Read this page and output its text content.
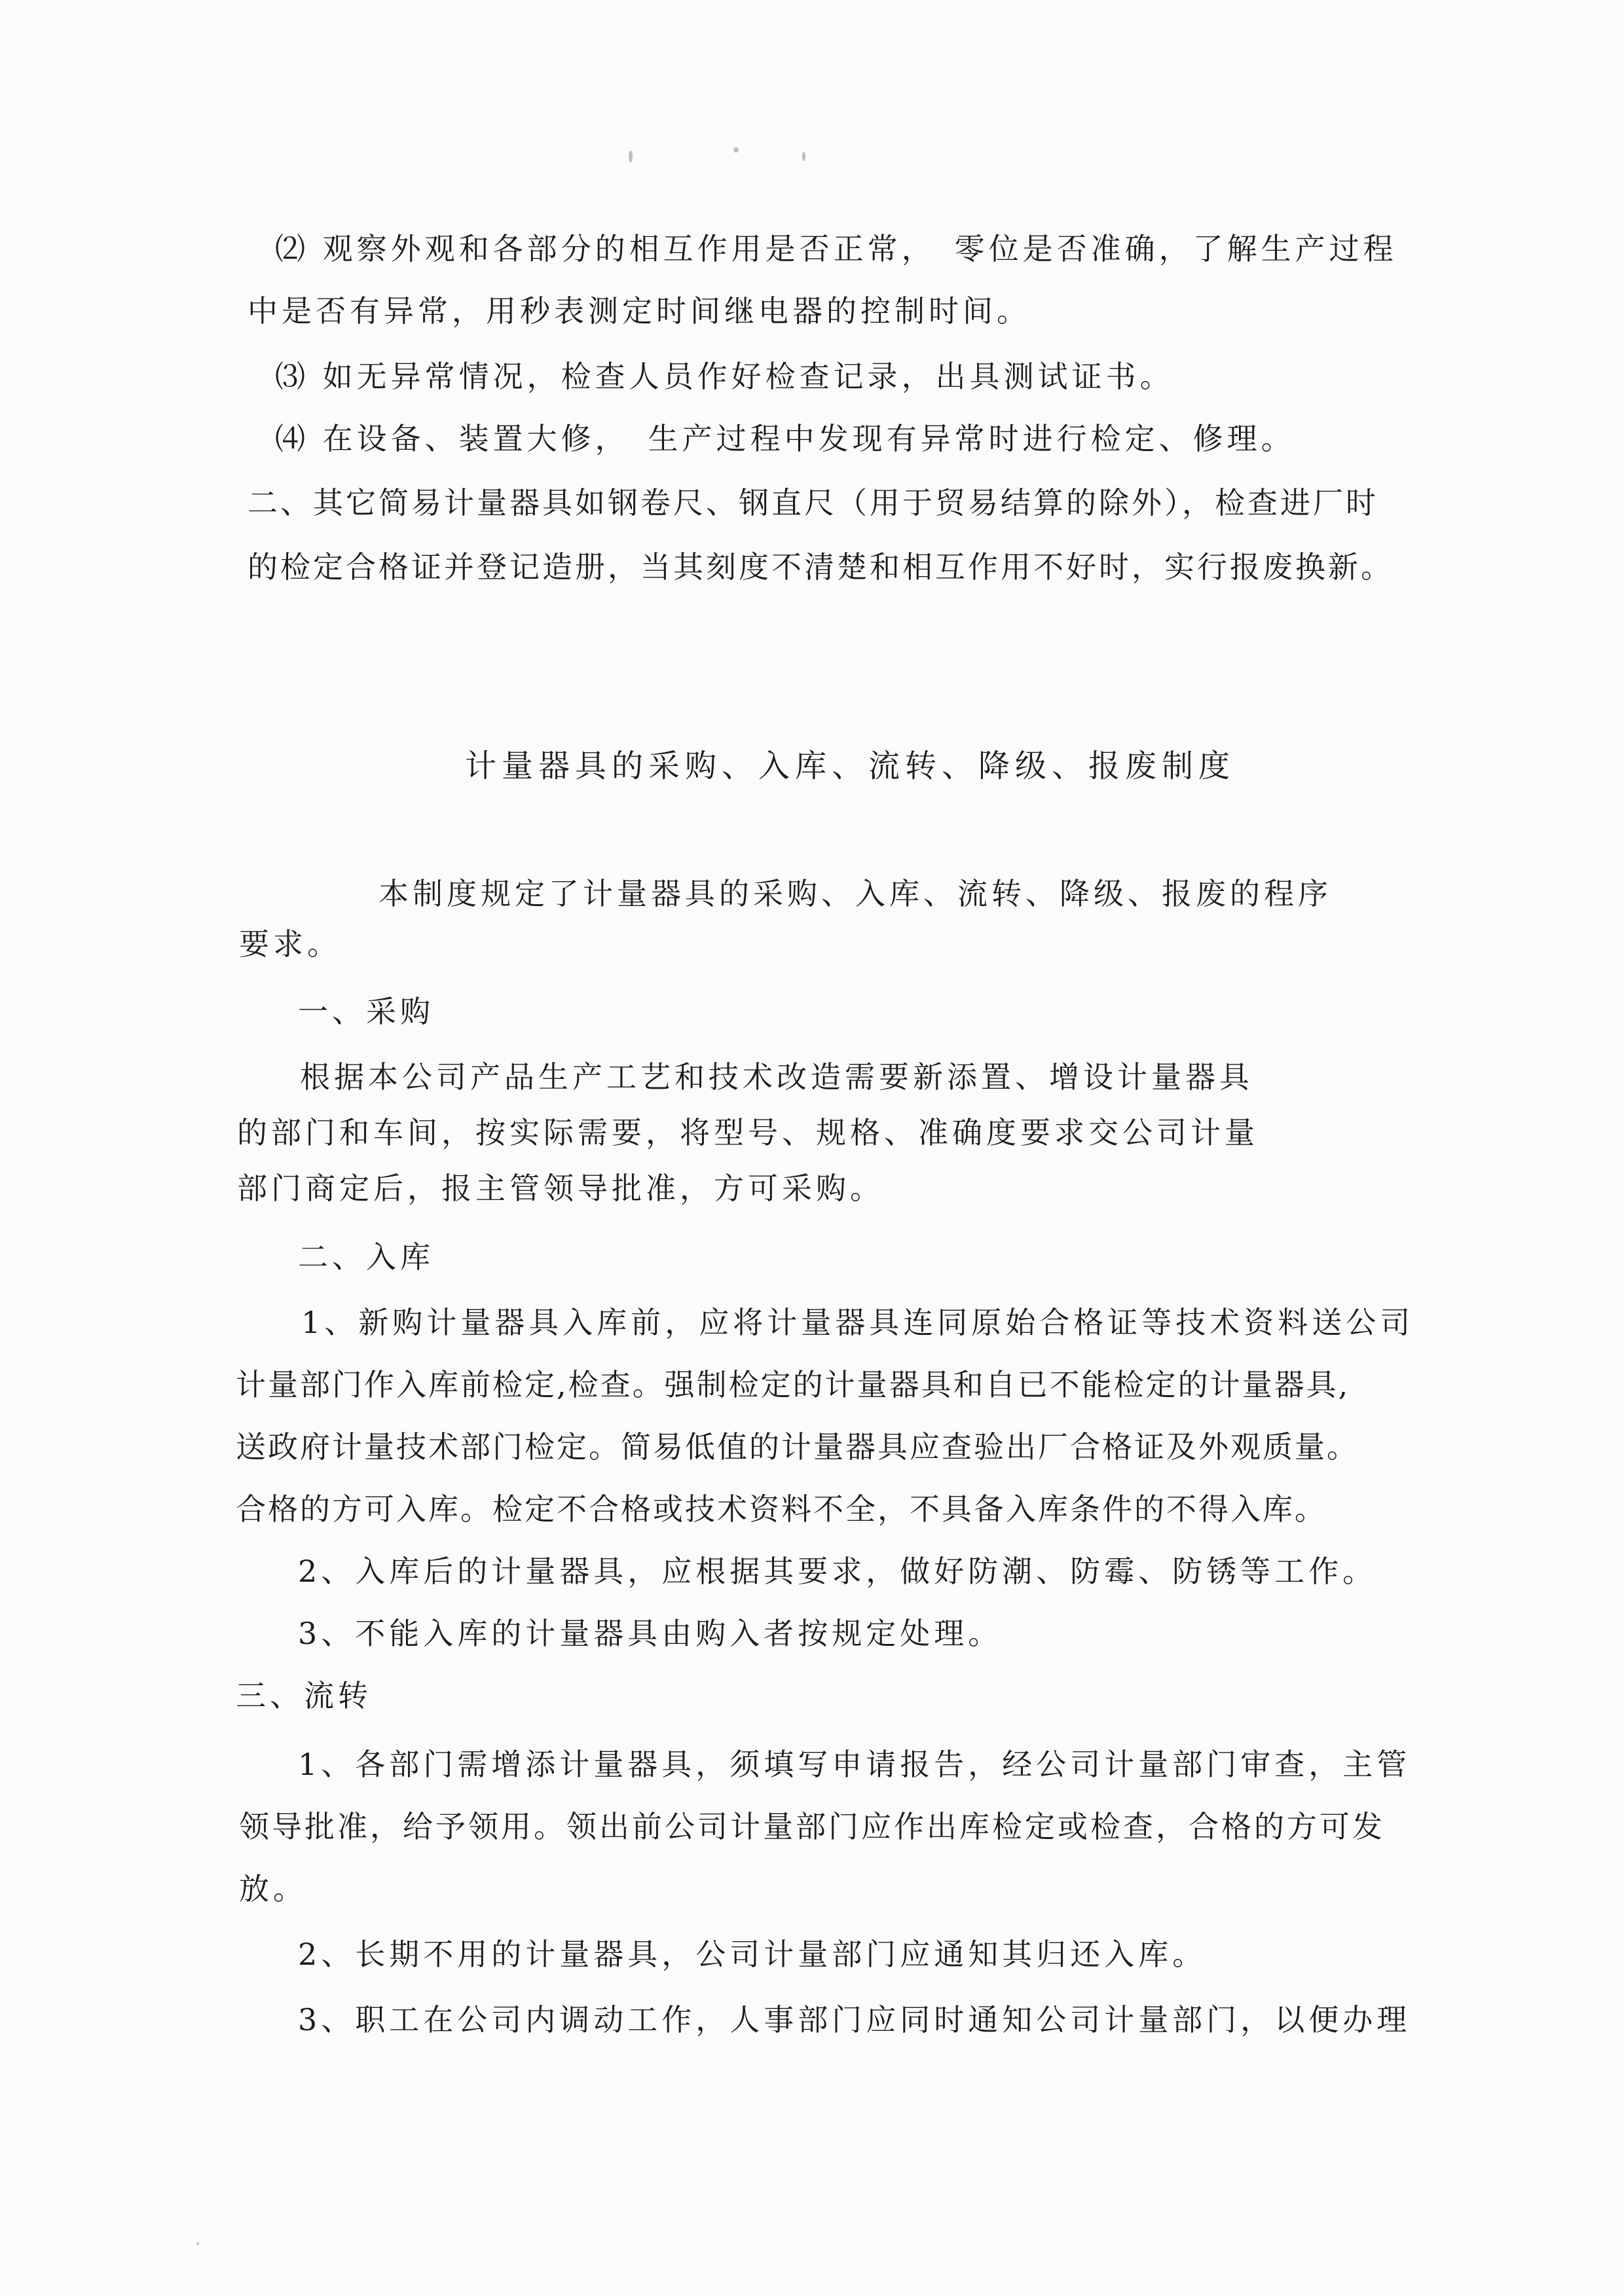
⑵ 观察外观和各部分的相互作用是否正常，　零位是否准确，了解生产过程
中是否有异常，用秒表测定时间继电器的控制时间。
⑶ 如无异常情况，检查人员作好检查记录，出具测试证书。
⑷ 在设备、装置大修，　生产过程中发现有异常时进行检定、修理。
二、其它简易计量器具如钢卷尺、钢直尺（用于贸易结算的除外），检查进厂时
的检定合格证并登记造册，当其刻度不清楚和相互作用不好时，实行报废换新。
计量器具的采购、入库、流转、降级、报废制度
本制度规定了计量器具的采购、入库、流转、降级、报废的程序
要求。
一、采购
根据本公司产品生产工艺和技术改造需要新添置、增设计量器具
的部门和车间，按实际需要，将型号、规格、准确度要求交公司计量
部门商定后，报主管领导批准，方可采购。
二、入库
1、新购计量器具入库前，应将计量器具连同原始合格证等技术资料送公司
计量部门作入库前检定,检查。强制检定的计量器具和自已不能检定的计量器具,
送政府计量技术部门检定。简易低值的计量器具应查验出厂合格证及外观质量。
合格的方可入库。检定不合格或技术资料不全，不具备入库条件的不得入库。
2、入库后的计量器具，应根据其要求，做好防潮、防霉、防锈等工作。
3、不能入库的计量器具由购入者按规定处理。
三、流转
1、各部门需增添计量器具，须填写申请报告，经公司计量部门审查，主管
领导批准，给予领用。领出前公司计量部门应作出库检定或检查，合格的方可发
放。
2、长期不用的计量器具，公司计量部门应通知其归还入库。
3、职工在公司内调动工作，人事部门应同时通知公司计量部门，以便办理
